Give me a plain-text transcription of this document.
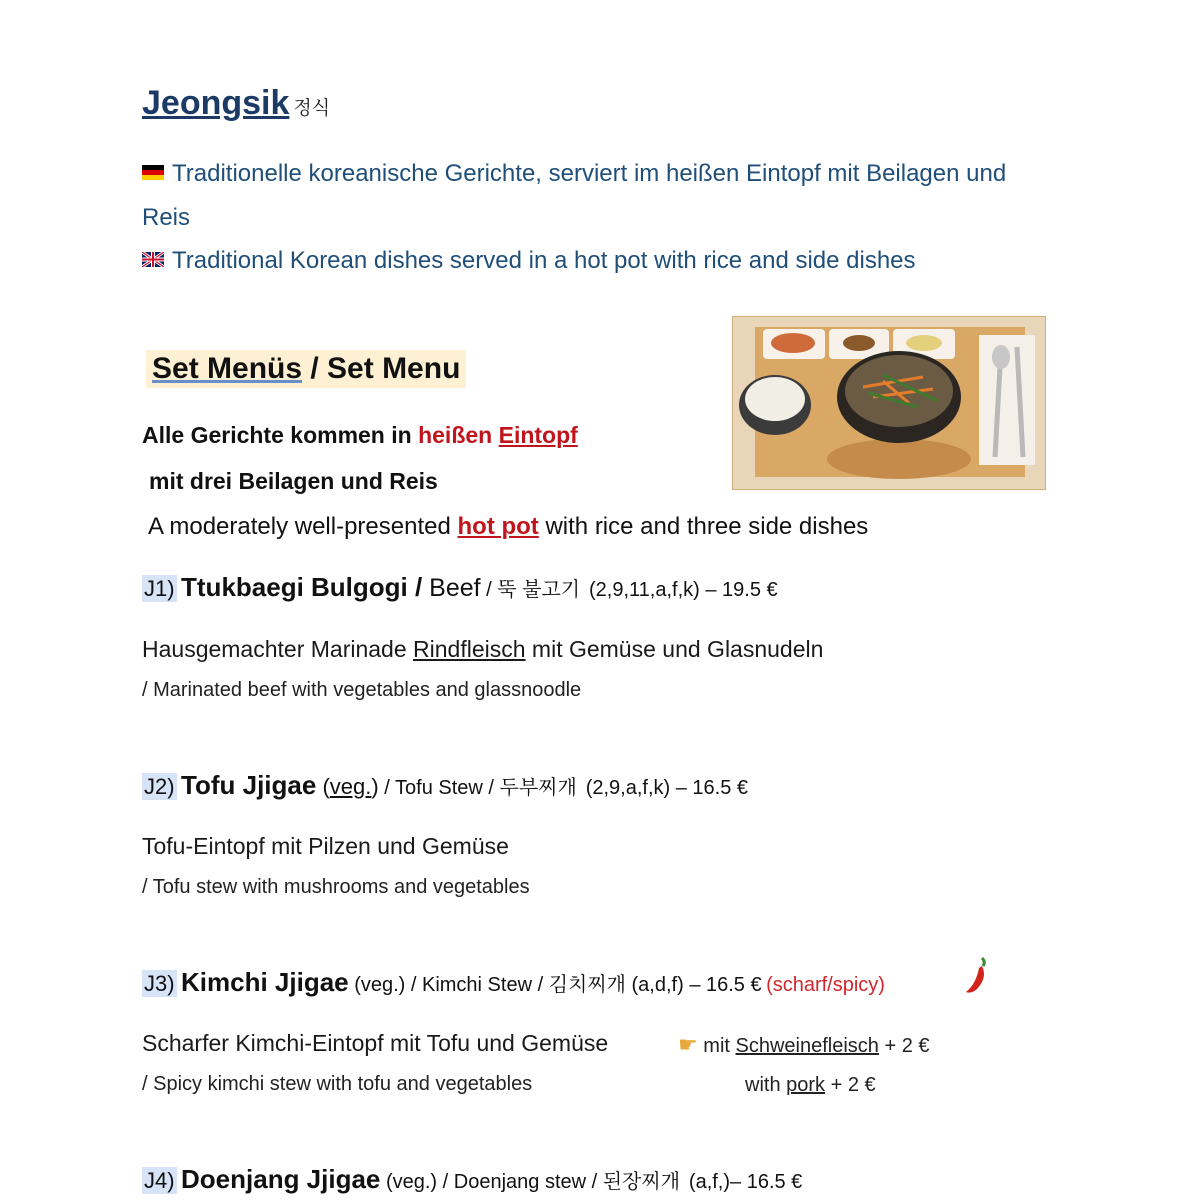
Jeongsik 정식
Traditionelle koreanische Gerichte, serviert im heißen Eintopf mit Beilagen und
Reis
Traditional Korean dishes served in a hot pot with rice and side dishes
Set Menüs / Set Menu
Alle Gerichte kommen in heißen Eintopf
mit drei Beilagen und Reis
A moderately well-presented hot pot with rice and three side dishes
J1) Ttukbaegi Bulgogi / Beef / 뚝 불고기 (2,9,11,a,f,k) – 19.5 €
Hausgemachter Marinade Rindfleisch mit Gemüse und Glasnudeln
/ Marinated beef with vegetables and glassnoodle
J2) Tofu Jjigae (veg.) / Tofu Stew / 두부찌개 (2,9,a,f,k) – 16.5 €
Tofu-Eintopf mit Pilzen und Gemüse
/ Tofu stew with mushrooms and vegetables
J3) Kimchi Jjigae (veg.) / Kimchi Stew / 김치찌개 (a,d,f) – 16.5 € (scharf/spicy)
Scharfer Kimchi-Eintopf mit Tofu und Gemüse
/ Spicy kimchi stew with tofu and vegetables
☛ mit Schweinefleisch + 2 €
with pork + 2 €
J4) Doenjang Jjigae (veg.) / Doenjang stew / 된장찌개 (a,f,)– 16.5 €
